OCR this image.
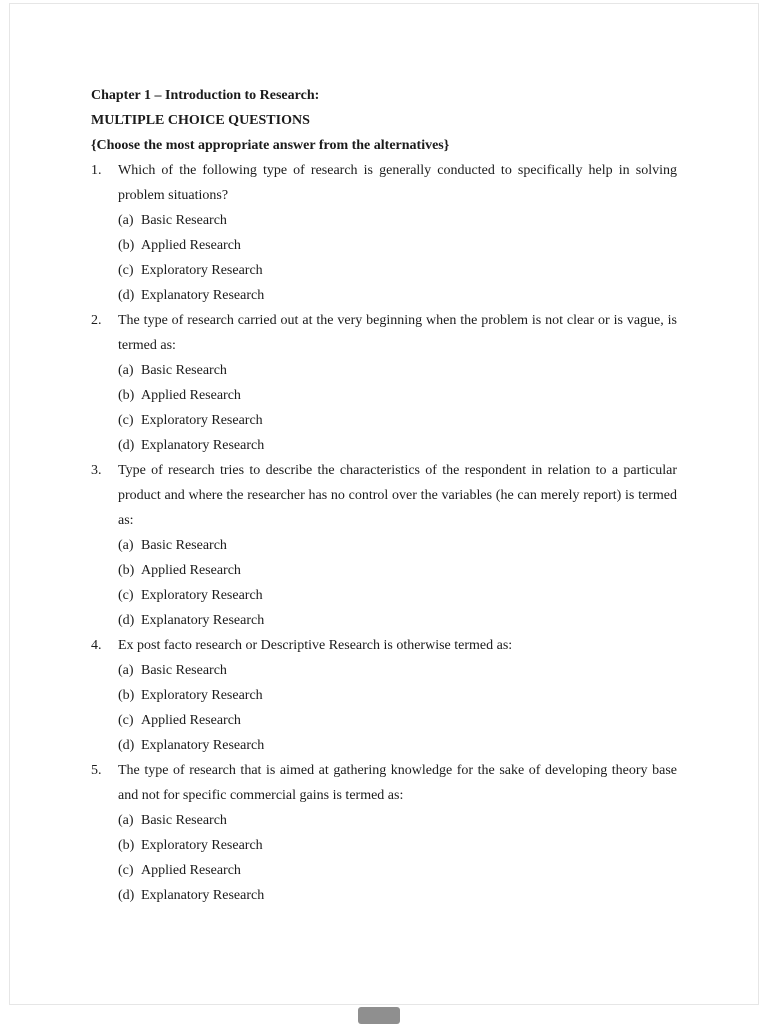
Chapter 1 – Introduction to Research:
MULTIPLE CHOICE QUESTIONS
{Choose the most appropriate answer from the alternatives}
1.	Which of the following type of research is generally conducted to specifically help in solving problem situations?
(a) Basic Research
(b) Applied Research
(c) Exploratory Research
(d) Explanatory Research
2.	The type of research carried out at the very beginning when the problem is not clear or is vague, is termed as:
(a) Basic Research
(b) Applied Research
(c) Exploratory Research
(d) Explanatory Research
3.	Type of research tries to describe the characteristics of the respondent in relation to a particular product and where the researcher has no control over the variables (he can merely report) is termed as:
(a) Basic Research
(b) Applied Research
(c) Exploratory Research
(d) Explanatory Research
4.	Ex post facto research or Descriptive Research is otherwise termed as:
(a) Basic Research
(b) Exploratory Research
(c) Applied Research
(d) Explanatory Research
5.	The type of research that is aimed at gathering knowledge for the sake of developing theory base and not for specific commercial gains is termed as:
(a) Basic Research
(b) Exploratory Research
(c) Applied Research
(d) Explanatory Research
